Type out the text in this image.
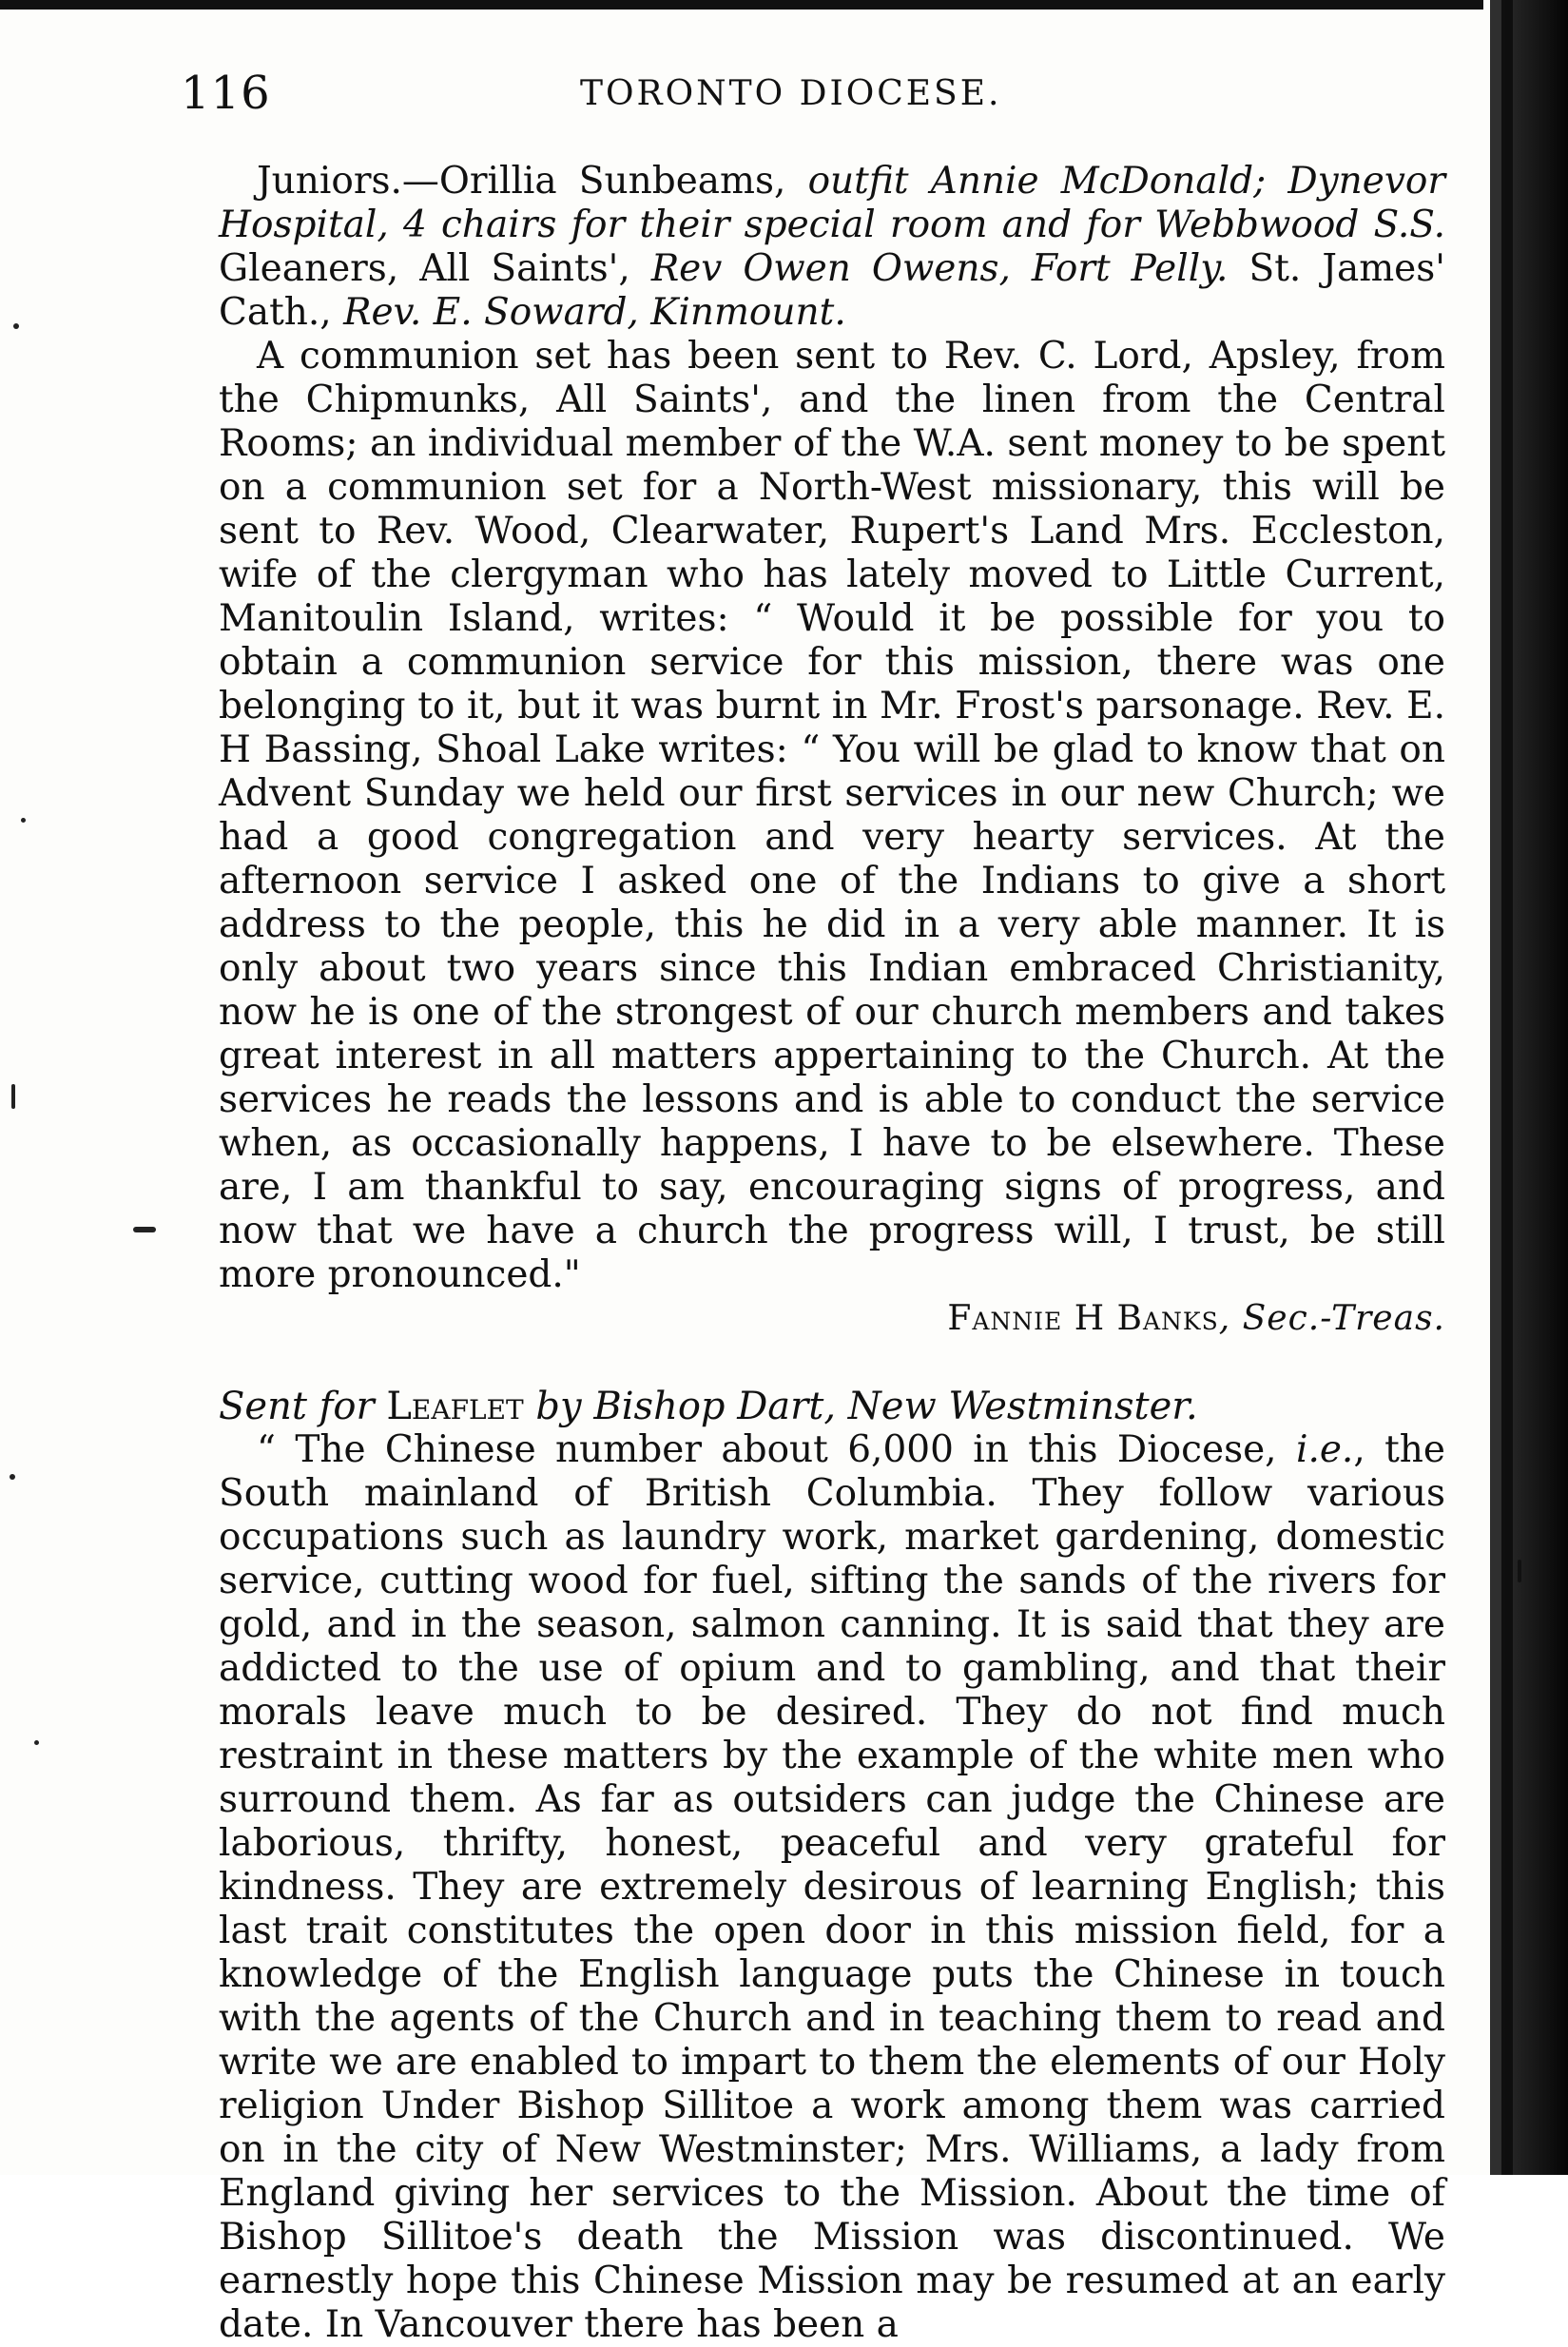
116	TORONTO DIOCESE.

Juniors.—Orillia Sunbeams, outfit Annie McDonald; Dynevor Hospital, 4 chairs for their special room and for Webbwood S.S. Gleaners, All Saints', Rev Owen Owens, Fort Pelly. St. James' Cath., Rev. E. Soward, Kinmount.

A communion set has been sent to Rev. C. Lord, Apsley, from the Chipmunks, All Saints', and the linen from the Central Rooms; an individual member of the W.A. sent money to be spent on a communion set for a North-West missionary, this will be sent to Rev. Wood, Clearwater, Rupert's Land Mrs. Eccleston, wife of the clergyman who has lately moved to Little Current, Manitoulin Island, writes: “ Would it be possible for you to obtain a communion service for this mission, there was one belonging to it, but it was burnt in Mr. Frost's parsonage. Rev. E. H Bassing, Shoal Lake writes: “ You will be glad to know that on Advent Sunday we held our first services in our new Church; we had a good congregation and very hearty services. At the afternoon service I asked one of the Indians to give a short address to the people, this he did in a very able manner. It is only about two years since this Indian embraced Christianity, now he is one of the strongest of our church members and takes great interest in all matters appertaining to the Church. At the services he reads the lessons and is able to conduct the service when, as occasionally happens, I have to be elsewhere. These are, I am thankful to say, encouraging signs of progress, and now that we have a church the progress will, I trust, be still more pronounced."

Fannie H Banks, Sec.-Treas.

Sent for Leaflet by Bishop Dart, New Westminster.

“ The Chinese number about 6,000 in this Diocese, i.e., the South mainland of British Columbia. They follow various occupations such as laundry work, market gardening, domestic service, cutting wood for fuel, sifting the sands of the rivers for gold, and in the season, salmon canning. It is said that they are addicted to the use of opium and to gambling, and that their morals leave much to be desired. They do not find much restraint in these matters by the example of the white men who surround them. As far as outsiders can judge the Chinese are laborious, thrifty, honest, peaceful and very grateful for kindness. They are extremely desirous of learning English; this last trait constitutes the open door in this mission field, for a knowledge of the English language puts the Chinese in touch with the agents of the Church and in teaching them to read and write we are enabled to impart to them the elements of our Holy religion Under Bishop Sillitoe a work among them was carried on in the city of New Westminster; Mrs. Williams, a lady from England giving her services to the Mission. About the time of Bishop Sillitoe's death the Mission was discontinued. We earnestly hope this Chinese Mission may be resumed at an early date. In Vancouver there has been a
